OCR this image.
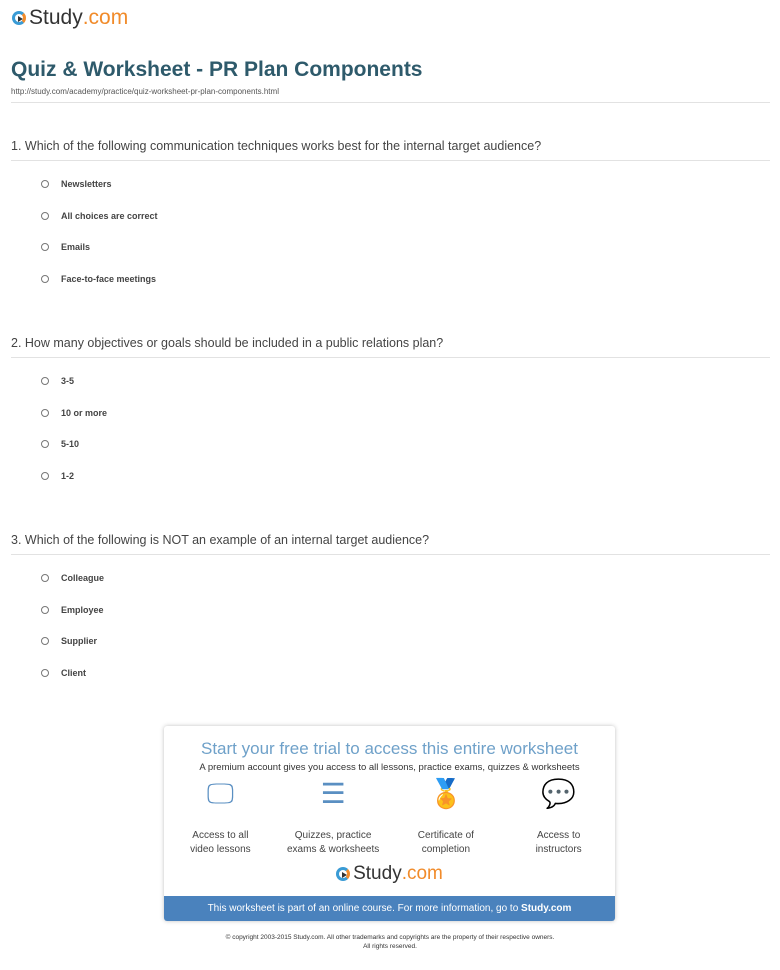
Study .com
Quiz & Worksheet - PR Plan Components
http://study.com/academy/practice/quiz-worksheet-pr-plan-components.html
1. Which of the following communication techniques works best for the internal target audience?
Newsletters
All choices are correct
Emails
Face-to-face meetings
2. How many objectives or goals should be included in a public relations plan?
3-5
10 or more
5-10
1-2
3. Which of the following is NOT an example of an internal target audience?
Colleague
Employee
Supplier
Client
Start your free trial to access this entire worksheet
A premium account gives you access to all lessons, practice exams, quizzes & worksheets
🖵
Access to all
video lessons
☰
Quizzes, practice
exams & worksheets
🏅
Certificate of
completion
💬
Access to
instructors
Study .com
This worksheet is part of an online course. For more information, go to Study.com
© copyright 2003-2015 Study.com. All other trademarks and copyrights are the property of their respective owners.
All rights reserved.
